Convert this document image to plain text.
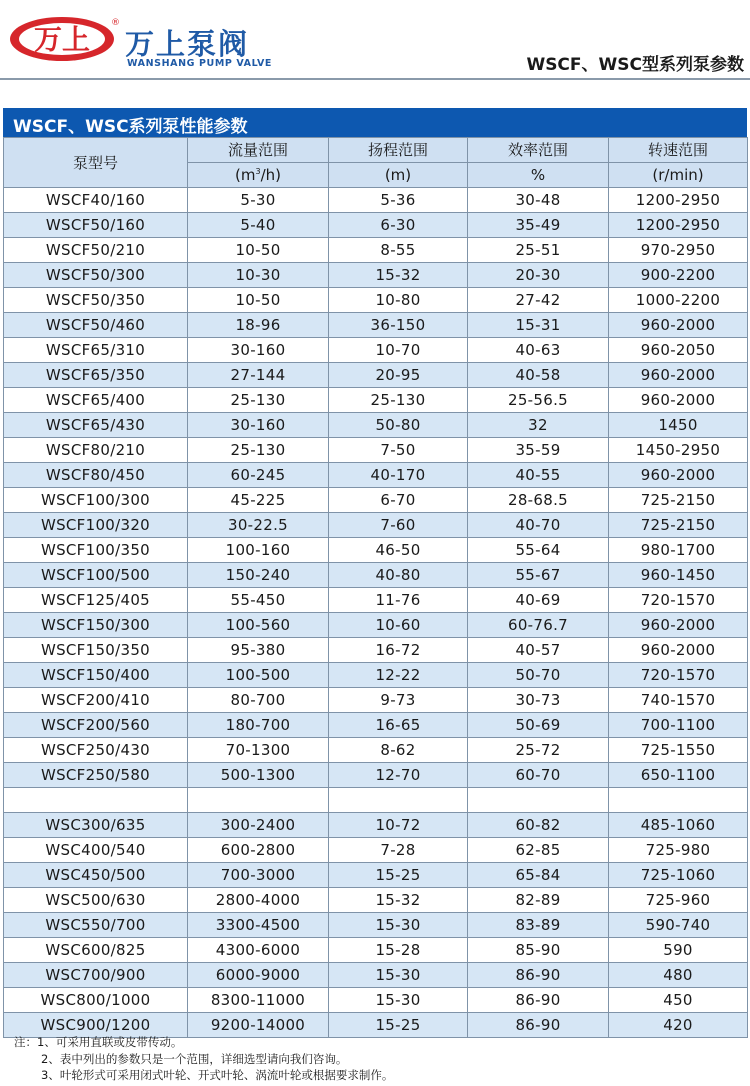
万上 ®
万上泵阀
WANSHANG PUMP VALVE	WSCF、WSC型系列泵参数
WSCF、WSC系列泵性能参数
泵型号	流量范围	扬程范围	效率范围	转速范围
	$(m^3/h)$	(m)	%	(r/min)
WSCF40/160	5-30	5-36	30-48	1200-2950
WSCF50/160	5-40	6-30	35-49	1200-2950
WSCF50/210	10-50	8-55	25-51	970-2950
WSCF50/300	10-30	15-32	20-30	900-2200
WSCF50/350	10-50	10-80	27-42	1000-2200
WSCF50/460	18-96	36-150	15-31	960-2000
WSCF65/310	30-160	10-70	40-63	960-2050
WSCF65/350	27-144	20-95	40-58	960-2000
WSCF65/400	25-130	25-130	25-56.5	960-2000
WSCF65/430	30-160	50-80	32	1450
WSCF80/210	25-130	7-50	35-59	1450-2950
WSCF80/450	60-245	40-170	40-55	960-2000
WSCF100/300	45-225	6-70	28-68.5	725-2150
WSCF100/320	30-22.5	7-60	40-70	725-2150
WSCF100/350	100-160	46-50	55-64	980-1700
WSCF100/500	150-240	40-80	55-67	960-1450
WSCF125/405	55-450	11-76	40-69	720-1570
WSCF150/300	100-560	10-60	60-76.7	960-2000
WSCF150/350	95-380	16-72	40-57	960-2000
WSCF150/400	100-500	12-22	50-70	720-1570
WSCF200/410	80-700	9-73	30-73	740-1570
WSCF200/560	180-700	16-65	50-69	700-1100
WSCF250/430	70-1300	8-62	25-72	725-1550
WSCF250/580	500-1300	12-70	60-70	650-1100

WSC300/635	300-2400	10-72	60-82	485-1060
WSC400/540	600-2800	7-28	62-85	725-980
WSC450/500	700-3000	15-25	65-84	725-1060
WSC500/630	2800-4000	15-32	82-89	725-960
WSC550/700	3300-4500	15-30	83-89	590-740
WSC600/825	4300-6000	15-28	85-90	590
WSC700/900	6000-9000	15-30	86-90	480
WSC800/1000	8300-11000	15-30	86-90	450
WSC900/1200	9200-14000	15-25	86-90	420
注：1、可采用直联或皮带传动。
2、表中列出的参数只是一个范围，详细选型请向我们咨询。
3、叶轮形式可采用闭式叶轮、开式叶轮、涡流叶轮或根据要求制作。
